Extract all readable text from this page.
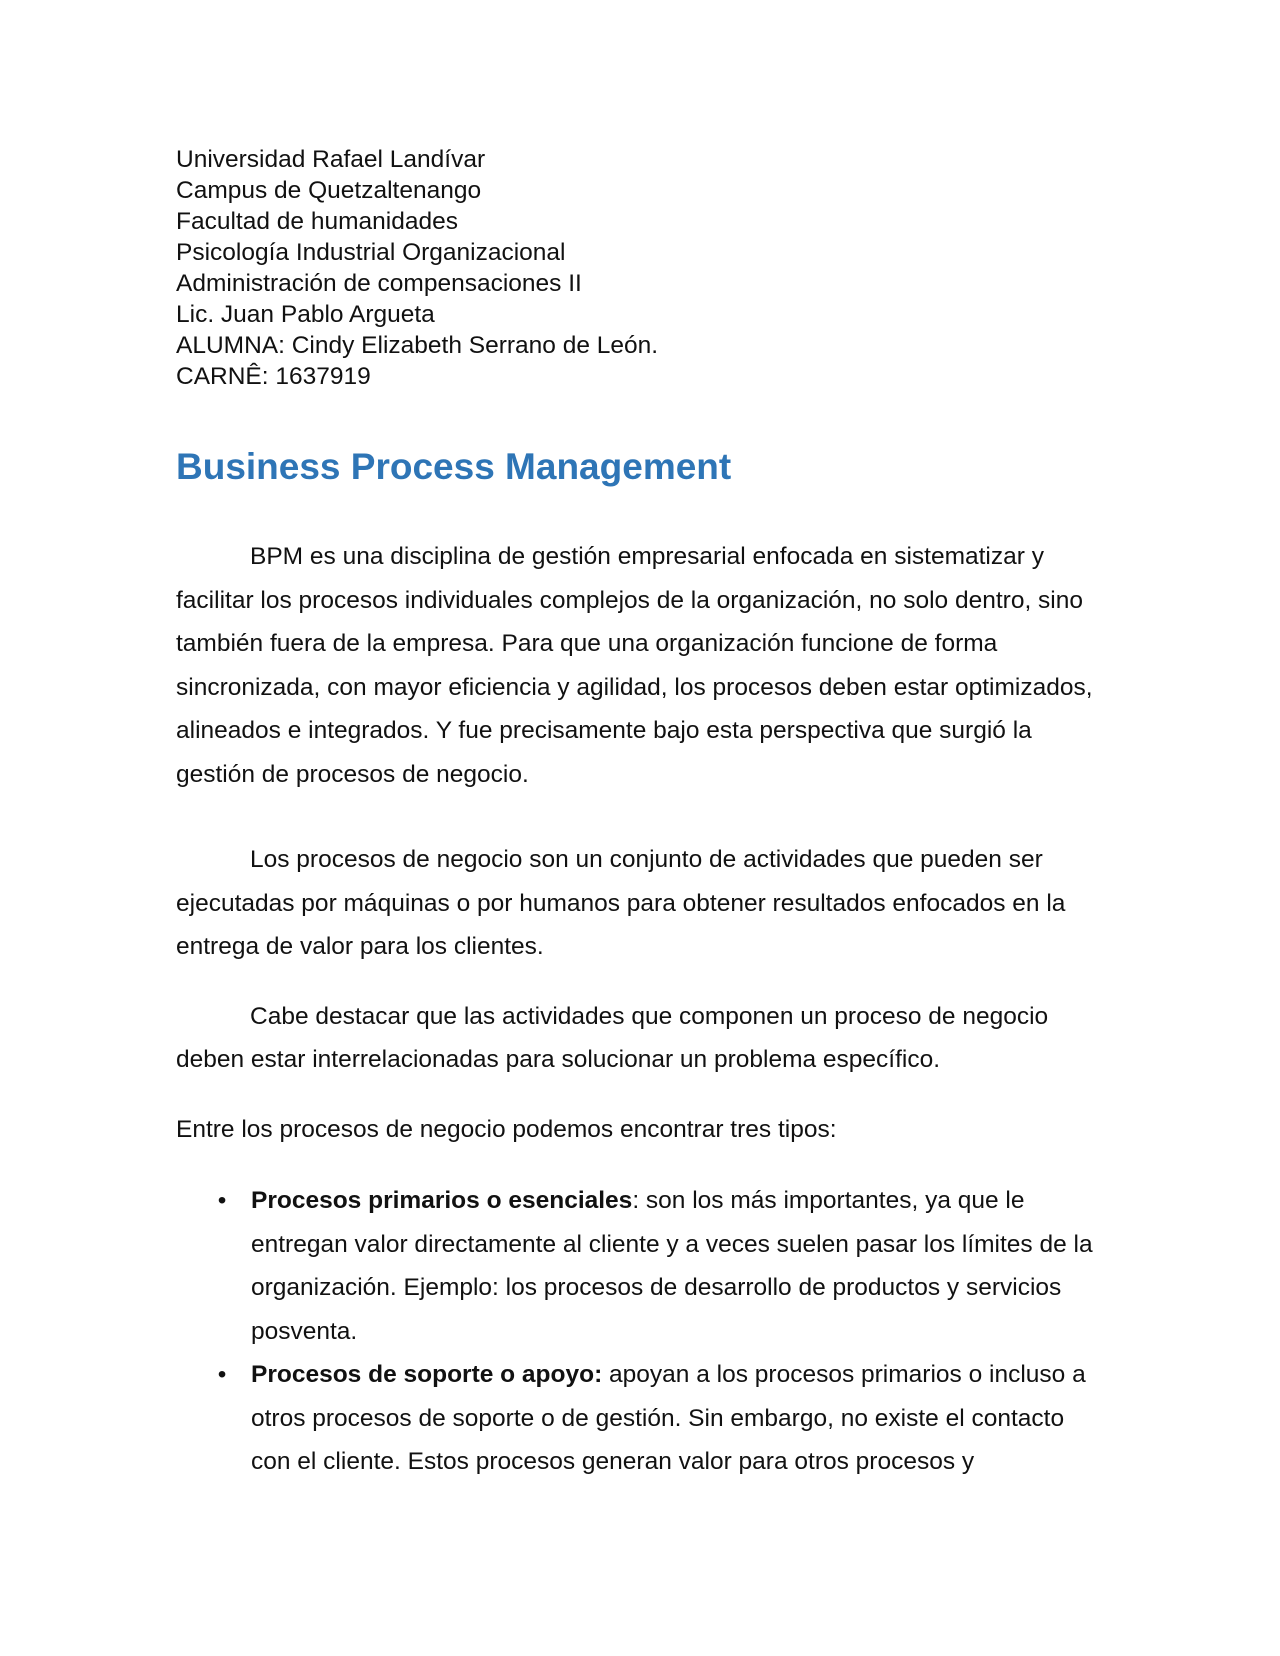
Universidad Rafael Landívar
Campus de Quetzaltenango
Facultad de humanidades
Psicología Industrial Organizacional
Administración de compensaciones II
Lic. Juan Pablo Argueta
ALUMNA: Cindy Elizabeth Serrano de León.
CARNÊ: 1637919
Business Process Management

BPM es una disciplina de gestión empresarial enfocada en sistematizar y facilitar los procesos individuales complejos de la organización, no solo dentro, sino también fuera de la empresa. Para que una organización funcione de forma sincronizada, con mayor eficiencia y agilidad, los procesos deben estar optimizados, alineados e integrados. Y fue precisamente bajo esta perspectiva que surgió la gestión de procesos de negocio.

Los procesos de negocio son un conjunto de actividades que pueden ser ejecutadas por máquinas o por humanos para obtener resultados enfocados en la entrega de valor para los clientes.

Cabe destacar que las actividades que componen un proceso de negocio deben estar interrelacionadas para solucionar un problema específico.

Entre los procesos de negocio podemos encontrar tres tipos:

• Procesos primarios o esenciales: son los más importantes, ya que le entregan valor directamente al cliente y a veces suelen pasar los límites de la organización. Ejemplo: los procesos de desarrollo de productos y servicios posventa.
• Procesos de soporte o apoyo: apoyan a los procesos primarios o incluso a otros procesos de soporte o de gestión. Sin embargo, no existe el contacto con el cliente. Estos procesos generan valor para otros procesos y
